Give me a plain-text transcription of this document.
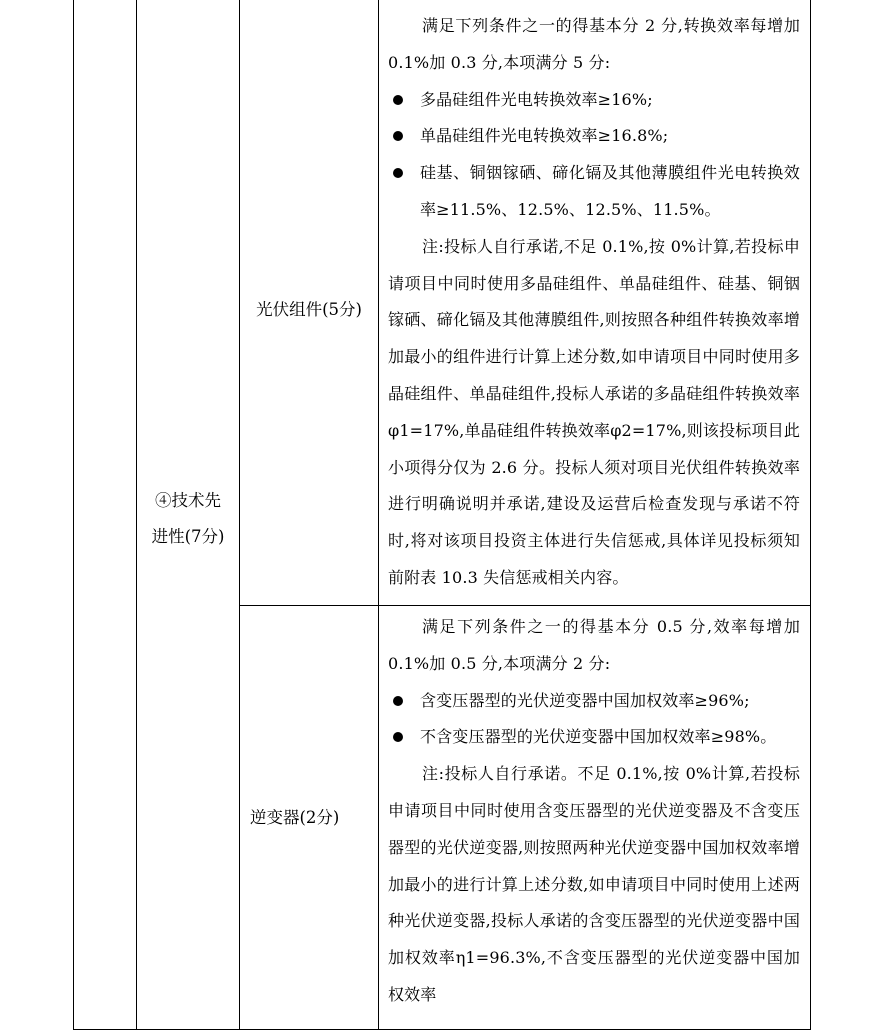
④技术先
进性(7分)
光伏组件(5分)

满足下列条件之一的得基本分 2 分,转换效率每增加 0.1%加 0.3 分,本项满分 5 分:

多晶硅组件光电转换效率≥16%;

单晶硅组件光电转换效率≥16.8%;

硅基、铜铟镓硒、碲化镉及其他薄膜组件光电转换效率≥11.5%、12.5%、12.5%、11.5%。

注:投标人自行承诺,不足 0.1%,按 0%计算,若投标申请项目中同时使用多晶硅组件、单晶硅组件、硅基、铜铟镓硒、碲化镉及其他薄膜组件,则按照各种组件转换效率增加最小的组件进行计算上述分数,如申请项目中同时使用多晶硅组件、单晶硅组件,投标人承诺的多晶硅组件转换效率φ1=17%,单晶硅组件转换效率φ2=17%,则该投标项目此小项得分仅为 2.6 分。投标人须对项目光伏组件转换效率进行明确说明并承诺,建设及运营后检查发现与承诺不符时,将对该项目投资主体进行失信惩戒,具体详见投标须知前附表 10.3 失信惩戒相关内容。

逆变器(2分)

满足下列条件之一的得基本分 0.5 分,效率每增加 0.1%加 0.5 分,本项满分 2 分:

含变压器型的光伏逆变器中国加权效率≥96%;

不含变压器型的光伏逆变器中国加权效率≥98%。

注:投标人自行承诺。不足 0.1%,按 0%计算,若投标申请项目中同时使用含变压器型的光伏逆变器及不含变压器型的光伏逆变器,则按照两种光伏逆变器中国加权效率增加最小的进行计算上述分数,如申请项目中同时使用上述两种光伏逆变器,投标人承诺的含变压器型的光伏逆变器中国加权效率η1=96.3%,不含变压器型的光伏逆变器中国加权效率
